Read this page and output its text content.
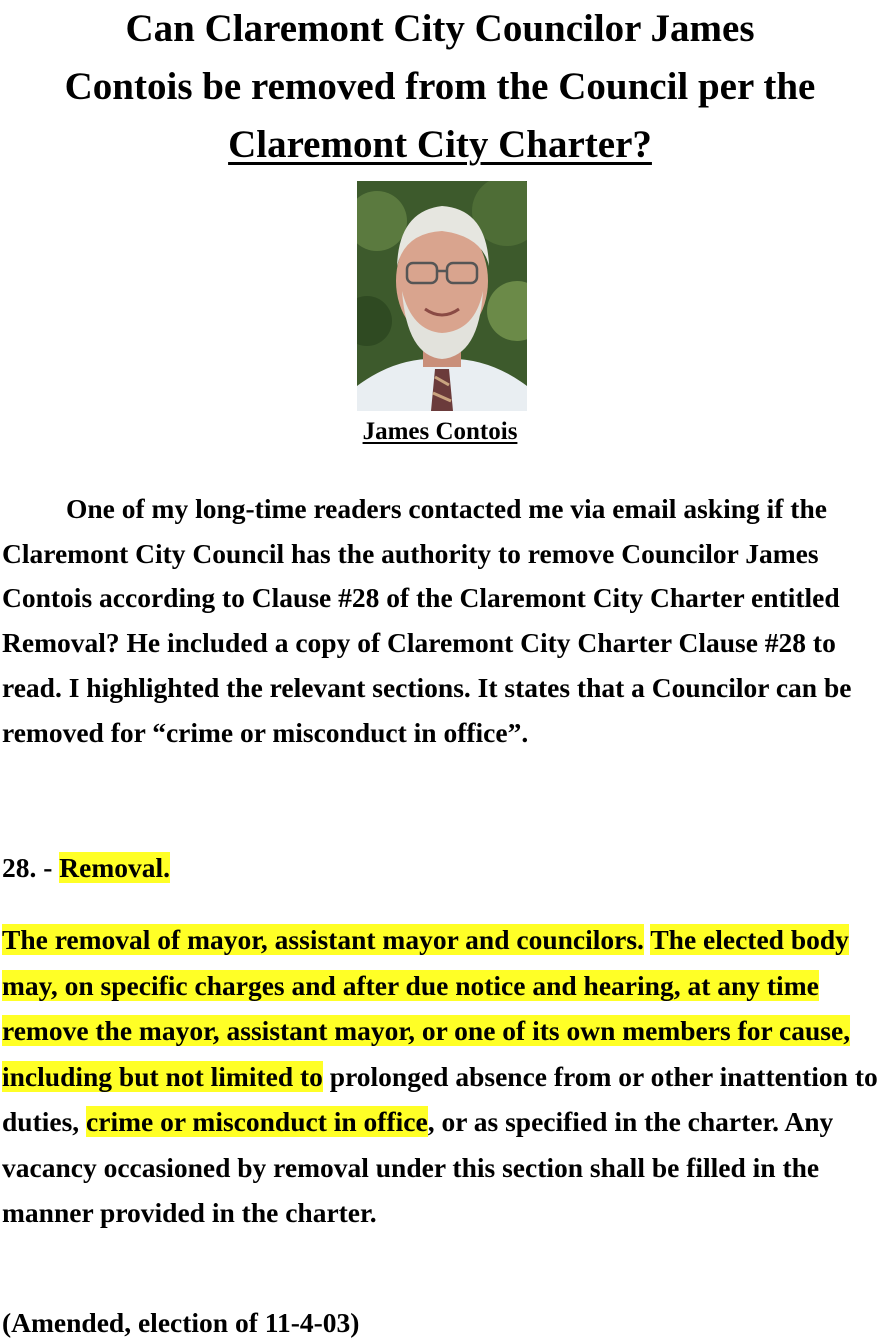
Can Claremont City Councilor James
Contois be removed from the Council per the
Claremont City Charter?
James Contois

One of my long-time readers contacted me via email asking if the Claremont City Council has the authority to remove Councilor James Contois according to Clause #28 of the Claremont City Charter entitled Removal? He included a copy of Claremont City Charter Clause #28 to read. I highlighted the relevant sections. It states that a Councilor can be removed for “crime or misconduct in office”.

28. - Removal.

The removal of mayor, assistant mayor and councilors. The elected body may, on specific charges and after due notice and hearing, at any time remove the mayor, assistant mayor, or one of its own members for cause, including but not limited to prolonged absence from or other inattention to duties, crime or misconduct in office, or as specified in the charter. Any vacancy occasioned by removal under this section shall be filled in the manner provided in the charter.

(Amended, election of 11-4-03)
